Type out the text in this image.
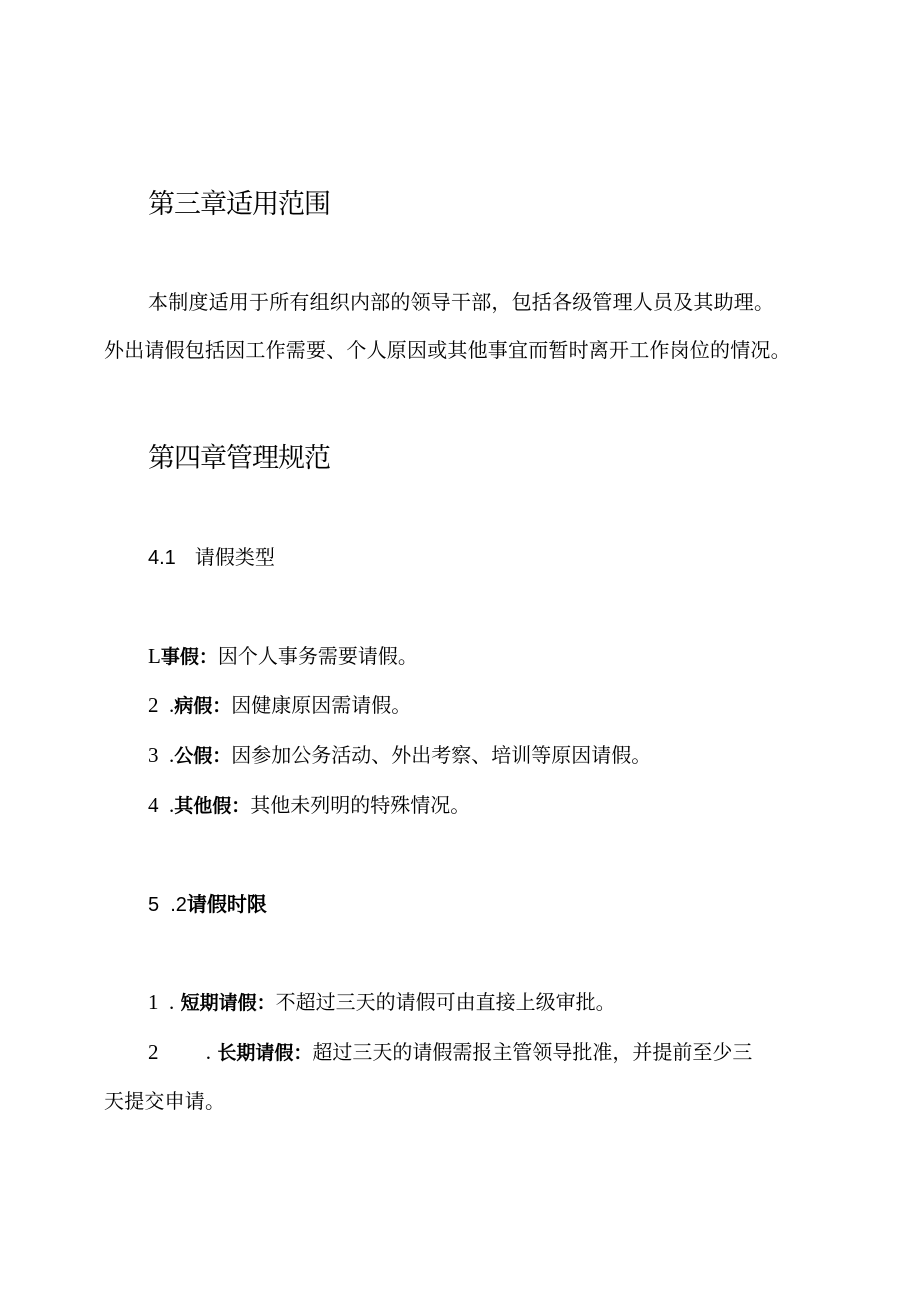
第三章适用范围
本制度适用于所有组织内部的领导干部，包括各级管理人员及其助理。
外出请假包括因工作需要、个人原因或其他事宜而暂时离开工作岗位的情况。
第四章管理规范
4.1 请假类型
L事假：因个人事务需要请假。
2  .病假：因健康原因需请假。
3  .公假：因参加公务活动、外出考察、培训等原因请假。
4  .其他假：其他未列明的特殊情况。
5  .2请假时限
1  . 短期请假：不超过三天的请假可由直接上级审批。
2         . 长期请假：超过三天的请假需报主管领导批准，并提前至少三
天提交申请。
